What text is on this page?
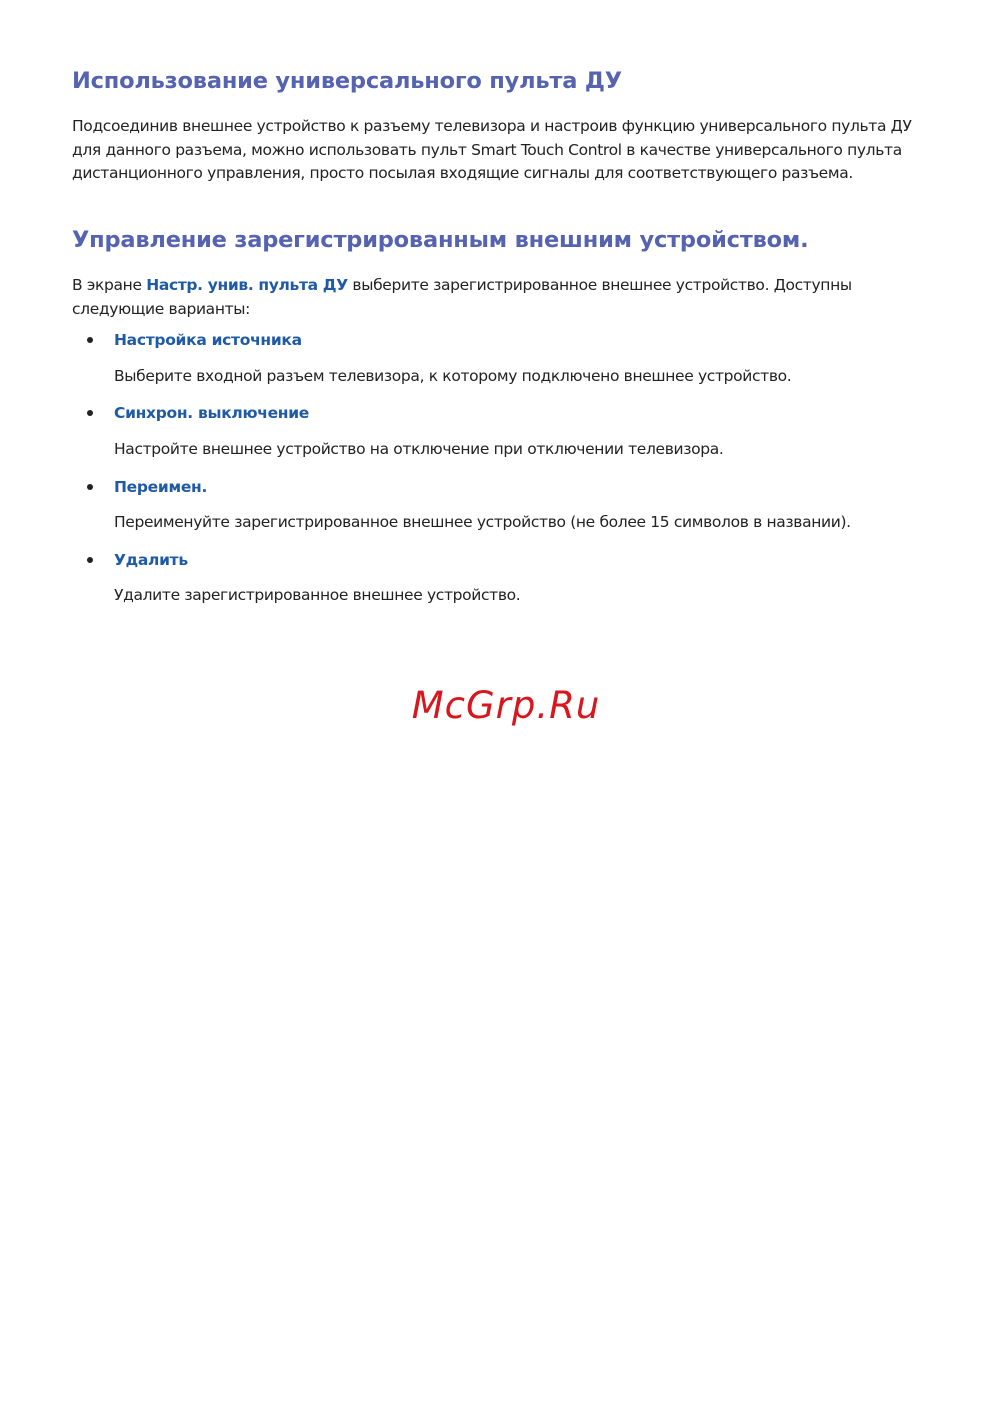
Использование универсального пульта ДУ

Подсоединив внешнее устройство к разъему телевизора и настроив функцию универсального пульта ДУ для данного разъема, можно использовать пульт Smart Touch Control в качестве универсального пульта дистанционного управления, просто посылая входящие сигналы для соответствующего разъема.

Управление зарегистрированным внешним устройством.

В экране Настр. унив. пульта ДУ выберите зарегистрированное внешнее устройство. Доступны следующие варианты:

Настройка источника

Выберите входной разъем телевизора, к которому подключено внешнее устройство.

Синхрон. выключение

Настройте внешнее устройство на отключение при отключении телевизора.

Переимен.

Переименуйте зарегистрированное внешнее устройство (не более 15 символов в названии).

Удалить

Удалите зарегистрированное внешнее устройство.

McGrp.Ru
